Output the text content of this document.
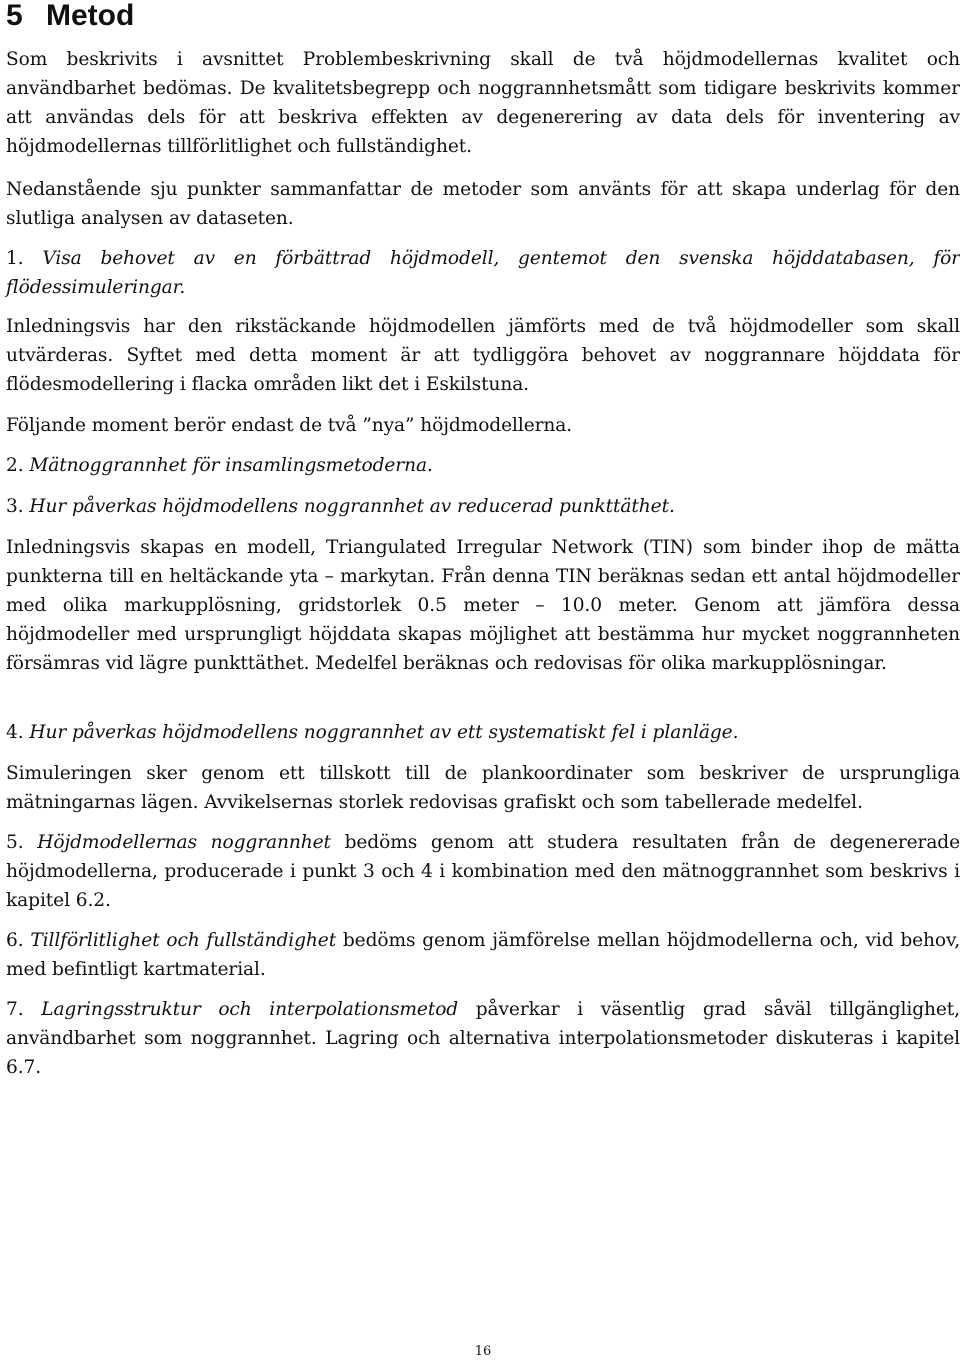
5 Metod

Som beskrivits i avsnittet Problembeskrivning skall de två höjdmodellernas kvalitet och användbarhet bedömas. De kvalitetsbegrepp och noggrannhetsmått som tidigare beskrivits kommer att användas dels för att beskriva effekten av degenerering av data dels för inventering av höjdmodellernas tillförlitlighet och fullständighet.

Nedanstående sju punkter sammanfattar de metoder som använts för att skapa underlag för den slutliga analysen av dataseten.

1. Visa behovet av en förbättrad höjdmodell, gentemot den svenska höjddatabasen, för flödessimuleringar.

Inledningsvis har den rikstäckande höjdmodellen jämförts med de två höjdmodeller som skall utvärderas. Syftet med detta moment är att tydliggöra behovet av noggrannare höjddata för flödesmodellering i flacka områden likt det i Eskilstuna.

Följande moment berör endast de två ”nya” höjdmodellerna.

2. Mätnoggrannhet för insamlingsmetoderna.

3. Hur påverkas höjdmodellens noggrannhet av reducerad punkttäthet.

Inledningsvis skapas en modell, Triangulated Irregular Network (TIN) som binder ihop de mätta punkterna till en heltäckande yta – markytan. Från denna TIN beräknas sedan ett antal höjdmodeller med olika markupplösning, gridstorlek 0.5 meter – 10.0 meter. Genom att jämföra dessa höjdmodeller med ursprungligt höjddata skapas möjlighet att bestämma hur mycket noggrannheten försämras vid lägre punkttäthet. Medelfel beräknas och redovisas för olika markupplösningar.

4. Hur påverkas höjdmodellens noggrannhet av ett systematiskt fel i planläge.

Simuleringen sker genom ett tillskott till de plankoordinater som beskriver de ursprungliga mätningarnas lägen. Avvikelsernas storlek redovisas grafiskt och som tabellerade medelfel.

5. Höjdmodellernas noggrannhet bedöms genom att studera resultaten från de degenererade höjdmodellerna, producerade i punkt 3 och 4 i kombination med den mätnoggrannhet som beskrivs i kapitel 6.2.

6. Tillförlitlighet och fullständighet bedöms genom jämförelse mellan höjdmodellerna och, vid behov, med befintligt kartmaterial.

7. Lagringsstruktur och interpolationsmetod påverkar i väsentlig grad såväl tillgänglighet, användbarhet som noggrannhet. Lagring och alternativa interpolationsmetoder diskuteras i kapitel 6.7.

16
